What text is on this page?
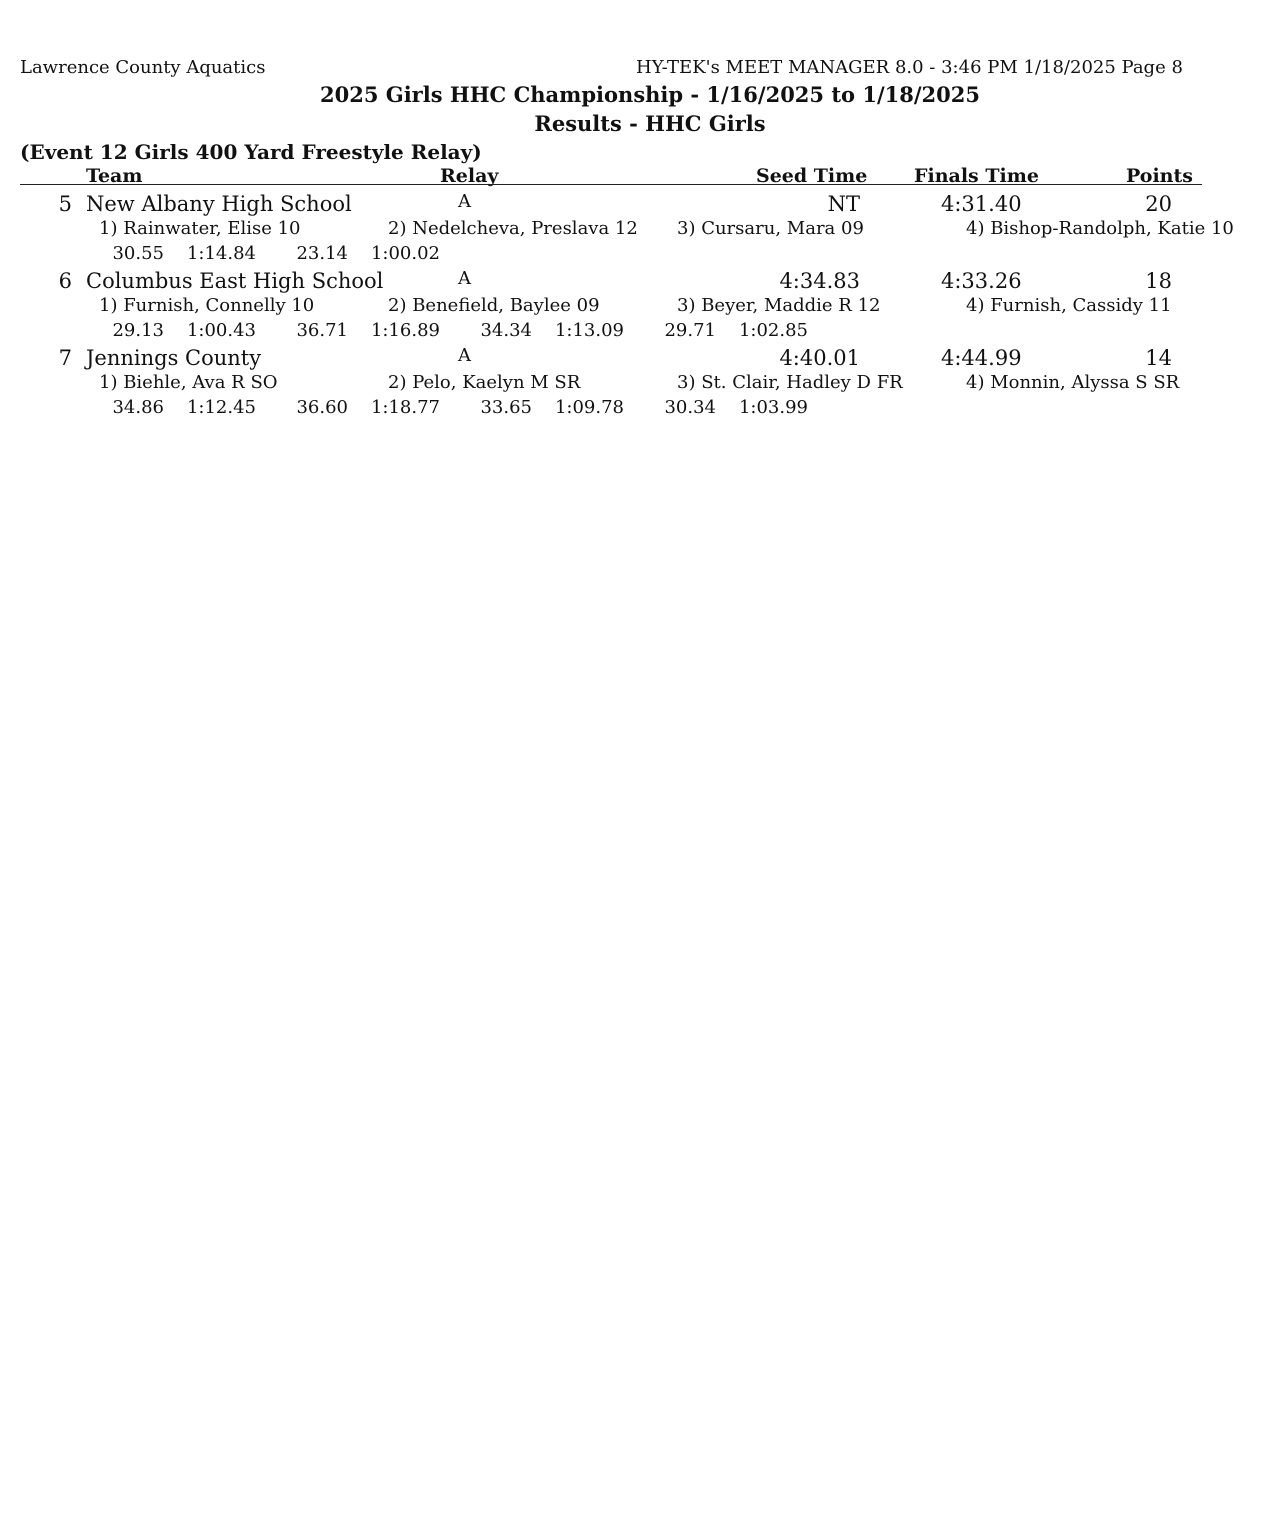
Lawrence County Aquatics	HY-TEK's MEET MANAGER 8.0 - 3:46 PM 1/18/2025 Page 8
2025 Girls HHC Championship - 1/16/2025 to 1/18/2025
Results - HHC Girls
(Event 12 Girls 400 Yard Freestyle Relay)
Team	Relay	Seed Time Finals Time	Points
5 New Albany High School	A	NT	4:31.40	20
1) Rainwater, Elise 10	2) Nedelcheva, Preslava 12 3) Cursaru, Mara 09	4) Bishop-Randolph, Katie 10
30.55	1:14.84	23.14	1:00.02
6 Columbus East High School	A	4:34.83	4:33.26	18
1) Furnish, Connelly 10	2) Benefield, Baylee 09	3) Beyer, Maddie R 12	4) Furnish, Cassidy 11
29.13	1:00.43	36.71	1:16.89	34.34	1:13.09	29.71	1:02.85
7 Jennings County	A	4:40.01	4:44.99	14
1) Biehle, Ava R SO	2) Pelo, Kaelyn M SR	3) St. Clair, Hadley D FR	4) Monnin, Alyssa S SR
34.86	1:12.45	36.60	1:18.77	33.65	1:09.78	30.34	1:03.99
